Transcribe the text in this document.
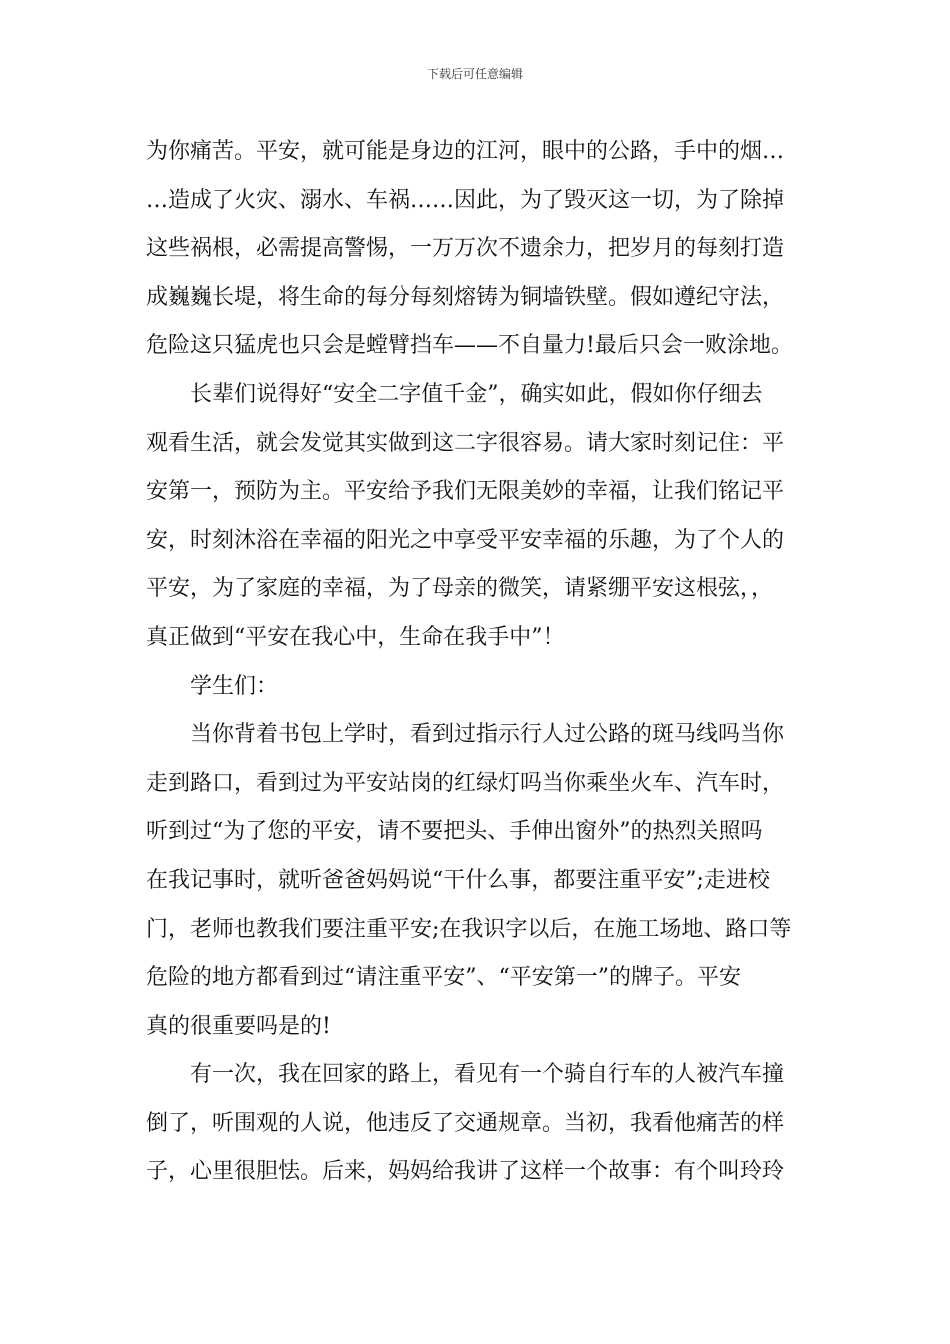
下载后可任意编辑
为你痛苦。平安，就可能是身边的江河，眼中的公路，手中的烟…
…造成了火灾、溺水、车祸……因此，为了毁灭这一切，为了除掉
这些祸根，必需提高警惕，一万万次不遗余力，把岁月的每刻打造
成巍巍长堤，将生命的每分每刻熔铸为铜墙铁壁。假如遵纪守法，
危险这只猛虎也只会是螳臂挡车——不自量力!最后只会一败涂地。
长辈们说得好“安全二字值千金”，确实如此，假如你仔细去
观看生活，就会发觉其实做到这二字很容易。请大家时刻记住：平
安第一，预防为主。平安给予我们无限美妙的幸福，让我们铭记平
安，时刻沐浴在幸福的阳光之中享受平安幸福的乐趣，为了个人的
平安，为了家庭的幸福，为了母亲的微笑，请紧绷平安这根弦，，
真正做到“平安在我心中，生命在我手中”！
学生们：
当你背着书包上学时，看到过指示行人过公路的斑马线吗当你
走到路口，看到过为平安站岗的红绿灯吗当你乘坐火车、汽车时，
听到过“为了您的平安，请不要把头、手伸出窗外”的热烈关照吗
在我记事时，就听爸爸妈妈说“干什么事，都要注重平安”;走进校
门，老师也教我们要注重平安;在我识字以后，在施工场地、路口等
危险的地方都看到过“请注重平安”、“平安第一”的牌子。平安
真的很重要吗是的!
有一次，我在回家的路上，看见有一个骑自行车的人被汽车撞
倒了，听围观的人说，他违反了交通规章。当初，我看他痛苦的样
子，心里很胆怯。后来，妈妈给我讲了这样一个故事：有个叫玲玲
